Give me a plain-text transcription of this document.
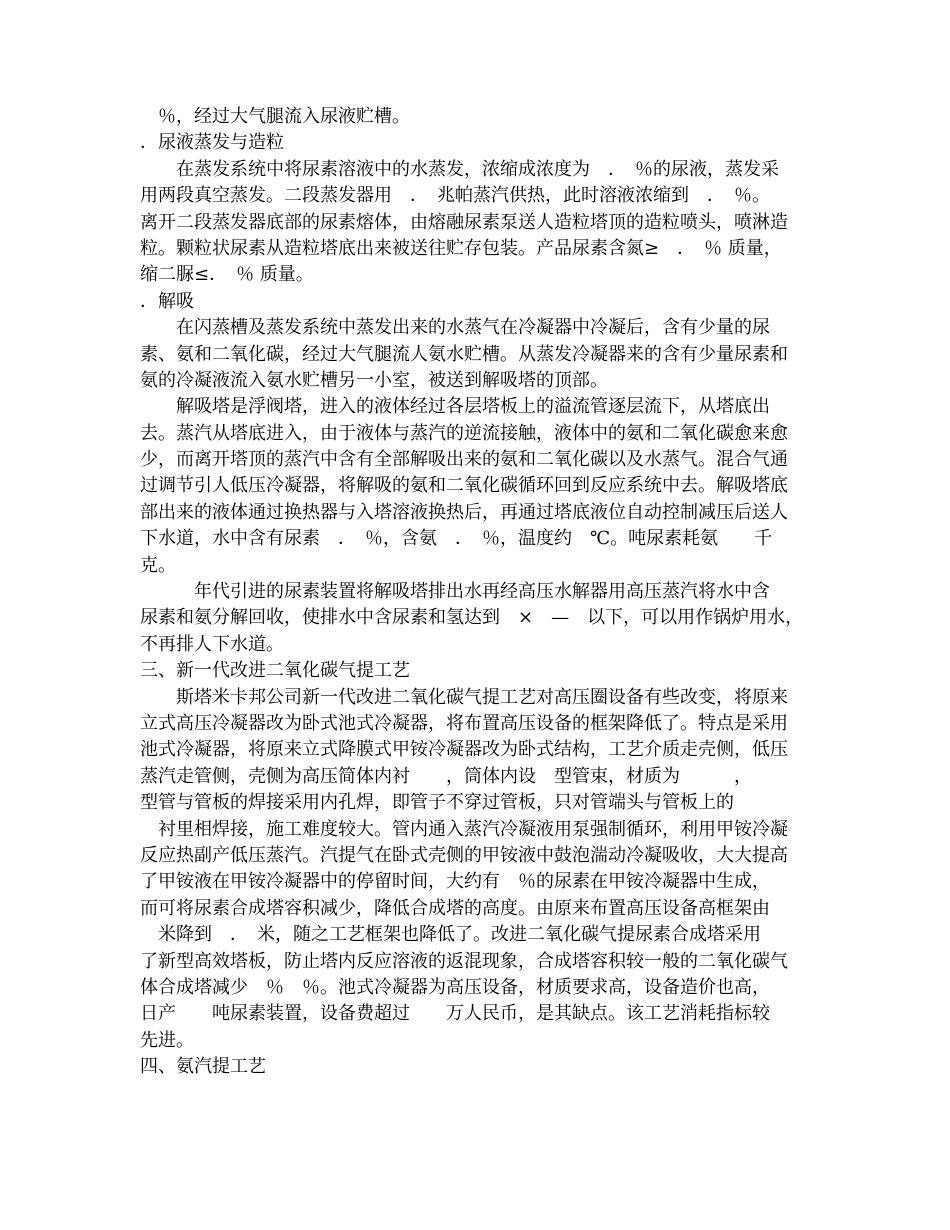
　％，经过大气腿流入尿液贮槽。
．尿液蒸发与造粒
　　在蒸发系统中将尿素溶液中的水蒸发，浓缩成浓度为　．　％的尿液，蒸发采
用两段真空蒸发。二段蒸发器用　．　兆帕蒸汽供热，此时溶液浓缩到　．　％。
离开二段蒸发器底部的尿素熔体，由熔融尿素泵送人造粒塔顶的造粒喷头，喷淋造
粒。颗粒状尿素从造粒塔底出来被送往贮存包装。产品尿素含氮≥　．　％ 质量，
缩二脲≤．　％ 质量。
．解吸
　　在闪蒸槽及蒸发系统中蒸发出来的水蒸气在冷凝器中冷凝后，含有少量的尿
素、氨和二氧化碳，经过大气腿流人氨水贮槽。从蒸发冷凝器来的含有少量尿素和
氨的冷凝液流入氨水贮槽另一小室，被送到解吸塔的顶部。
　　解吸塔是浮阀塔，进入的液体经过各层塔板上的溢流管逐层流下，从塔底出
去。蒸汽从塔底进入，由于液体与蒸汽的逆流接触，液体中的氨和二氧化碳愈来愈
少，而离开塔顶的蒸汽中含有全部解吸出来的氨和二氧化碳以及水蒸气。混合气通
过调节引人低压冷凝器，将解吸的氨和二氧化碳循环回到反应系统中去。解吸塔底
部出来的液体通过换热器与入塔溶液换热后，再通过塔底液位自动控制减压后送人
下水道，水中含有尿素　．　％，含氨　．　％，温度约　℃。吨尿素耗氨　　千
克。
　　　年代引进的尿素装置将解吸塔排出水再经高压水解器用高压蒸汽将水中含
尿素和氨分解回收，使排水中含尿素和氢达到　×　—　以下，可以用作锅炉用水，
不再排人下水道。
三、新一代改进二氧化碳气提工艺
　　斯塔米卡邦公司新一代改进二氧化碳气提工艺对高压圈设备有些改变，将原来
立式高压冷凝器改为卧式池式冷凝器，将布置高压设备的框架降低了。特点是采用
池式冷凝器，将原来立式降膜式甲铵冷凝器改为卧式结构，工艺介质走壳侧，低压
蒸汽走管侧，壳侧为高压简体内衬　　，筒体内设　型管束，材质为　　　，
型管与管板的焊接采用内孔焊，即管子不穿过管板，只对管端头与管板上的
　衬里相焊接，施工难度较大。管内通入蒸汽冷凝液用泵强制循环，利用甲铵冷凝
反应热副产低压蒸汽。汽提气在卧式壳侧的甲铵液中鼓泡湍动冷凝吸收，大大提高
了甲铵液在甲铵冷凝器中的停留时间，大约有　％的尿素在甲铵冷凝器中生成，
而可将尿素合成塔容积减少，降低合成塔的高度。由原来布置高压设备高框架由
　米降到　．　米，随之工艺框架也降低了。改进二氧化碳气提尿素合成塔采用
了新型高效塔板，防止塔内反应溶液的返混现象，合成塔容积较一般的二氧化碳气
体合成塔减少　％　％。池式冷凝器为高压设备，材质要求高，设备造价也高，
日产　　吨尿素装置，设备费超过　　万人民币，是其缺点。该工艺消耗指标较
先进。
四、氨汽提工艺
